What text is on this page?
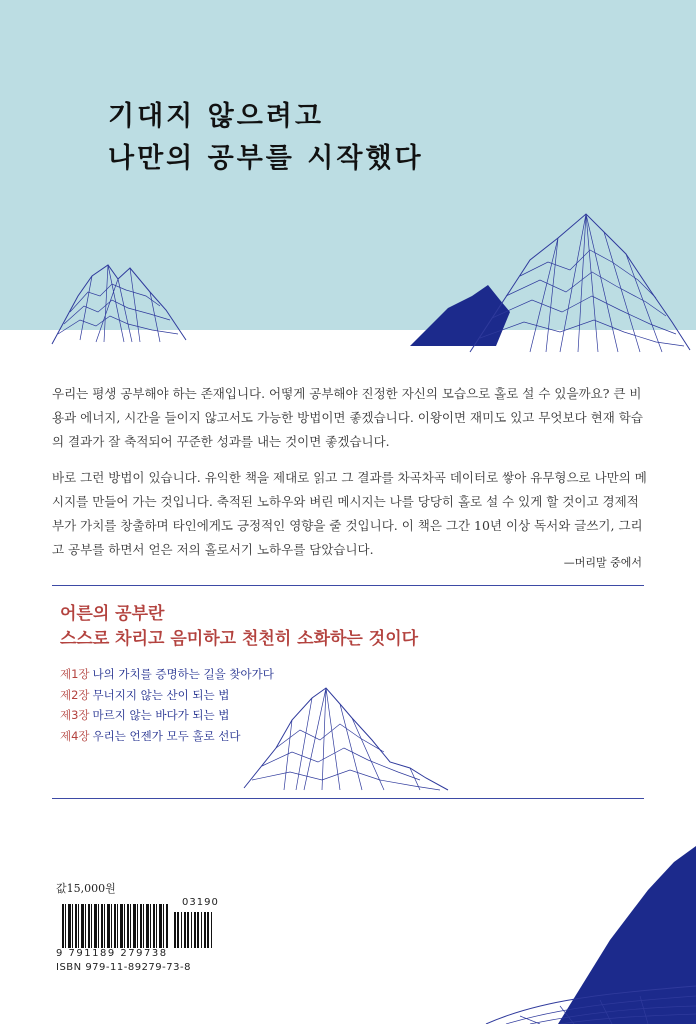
기대지 않으려고
나만의 공부를 시작했다

우리는 평생 공부해야 하는 존재입니다. 어떻게 공부해야 진정한 자신의 모습으로 홀로 설 수 있을까요? 큰 비용과 에너지, 시간을 들이지 않고서도 가능한 방법이면 좋겠습니다. 이왕이면 재미도 있고 무엇보다 현재 학습의 결과가 잘 축적되어 꾸준한 성과를 내는 것이면 좋겠습니다.

바로 그런 방법이 있습니다. 유익한 책을 제대로 읽고 그 결과를 차곡차곡 데이터로 쌓아 유무형으로 나만의 메시지를 만들어 가는 것입니다. 축적된 노하우와 벼린 메시지는 나를 당당히 홀로 설 수 있게 할 것이고 경제적 부가 가치를 창출하며 타인에게도 긍정적인 영향을 줄 것입니다. 이 책은 그간 10년 이상 독서와 글쓰기, 그리고 공부를 하면서 얻은 저의 홀로서기 노하우를 담았습니다.

—머리말 중에서
어른의 공부란
스스로 차리고 음미하고 천천히 소화하는 것이다
제1장 나의 가치를 증명하는 길을 찾아가다
제2장 무너지지 않는 산이 되는 법
제3장 마르지 않는 바다가 되는 법
제4장 우리는 언젠가 모두 홀로 선다
값15,000원
03190
9 791189 279738
ISBN 979-11-89279-73-8
